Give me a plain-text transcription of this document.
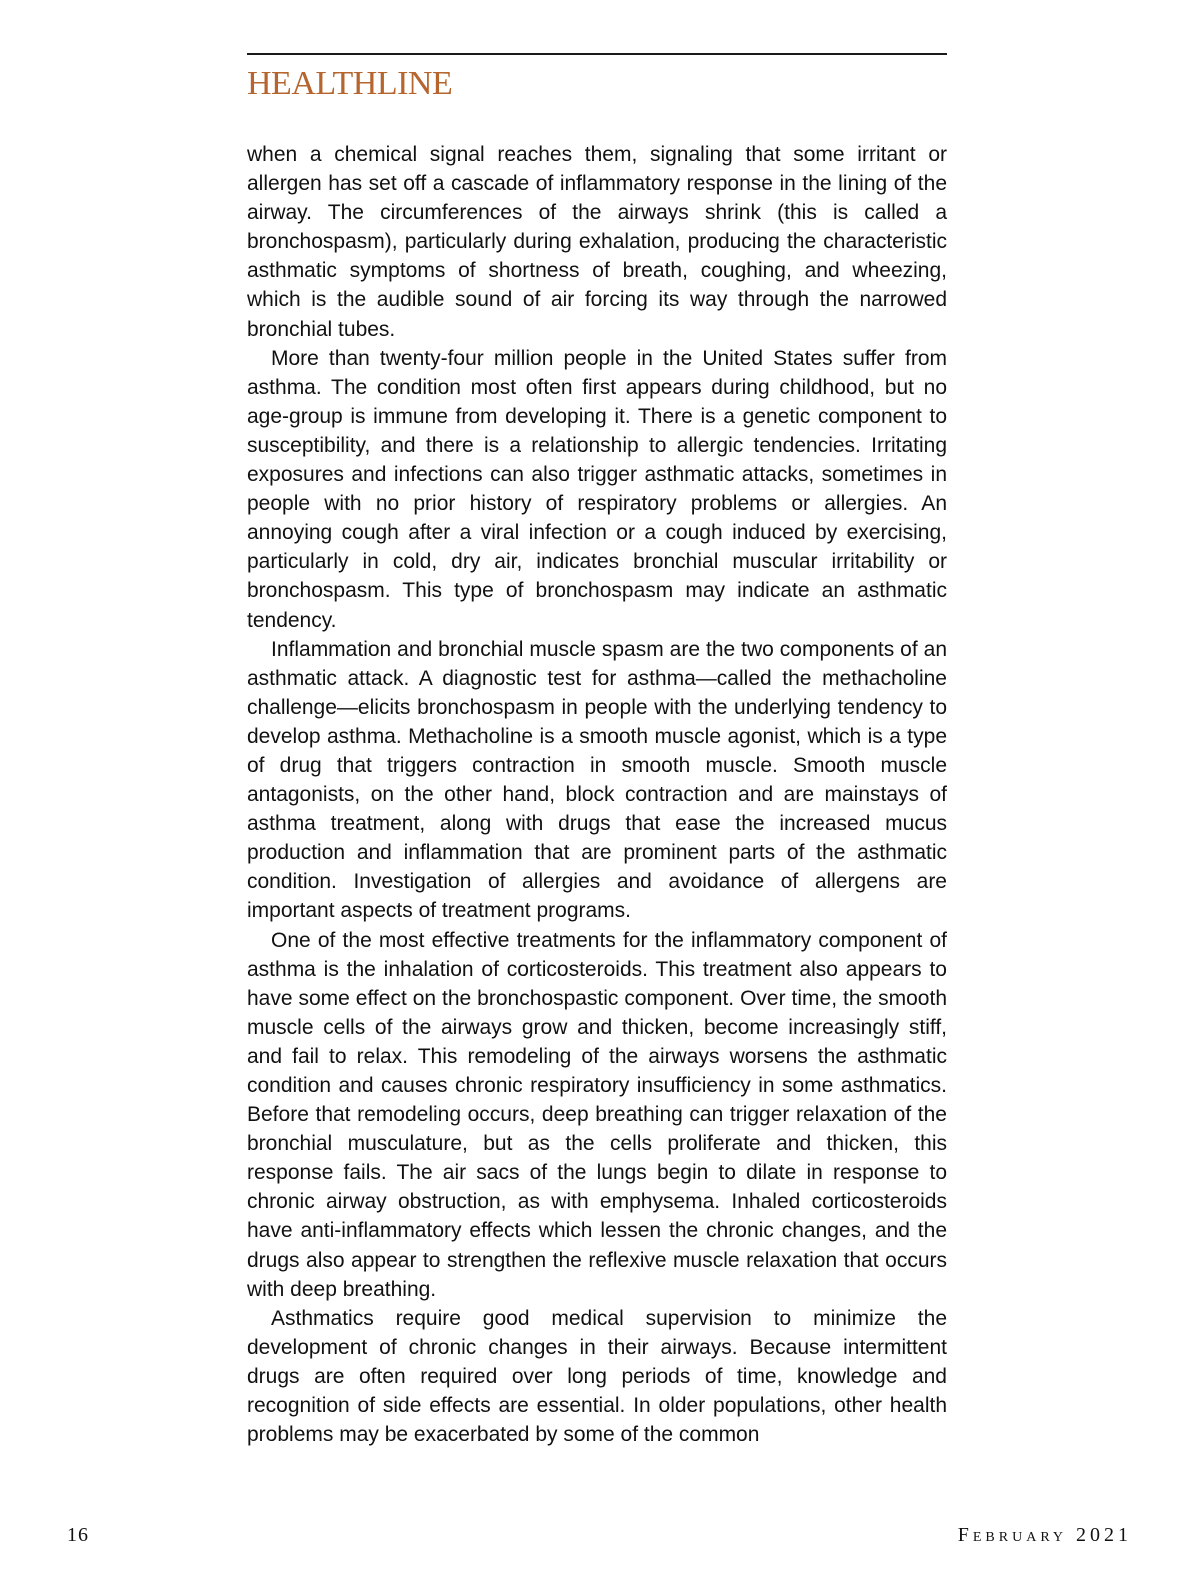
HEALTHLINE

when a chemical signal reaches them, signaling that some irritant or allergen has set off a cascade of inflammatory response in the lining of the airway. The circumferences of the airways shrink (this is called a bronchospasm), particularly during exhalation, producing the characteristic asthmatic symptoms of shortness of breath, coughing, and wheezing, which is the audible sound of air forcing its way through the narrowed bronchial tubes.

More than twenty-four million people in the United States suffer from asthma. The condition most often first appears during childhood, but no age-group is immune from developing it. There is a genetic component to susceptibility, and there is a relationship to allergic tendencies. Irritating exposures and infections can also trigger asthmatic attacks, sometimes in people with no prior history of respiratory problems or allergies. An annoying cough after a viral infection or a cough induced by exercising, particularly in cold, dry air, indicates bronchial muscular irritability or bronchospasm. This type of bronchospasm may indicate an asthmatic tendency.

Inflammation and bronchial muscle spasm are the two components of an asthmatic attack. A diagnostic test for asthma—called the methacholine challenge—elicits bronchospasm in people with the underlying tendency to develop asthma. Methacholine is a smooth muscle agonist, which is a type of drug that triggers contraction in smooth muscle. Smooth muscle antagonists, on the other hand, block contraction and are mainstays of asthma treatment, along with drugs that ease the increased mucus production and inflammation that are prominent parts of the asthmatic condition. Investigation of allergies and avoidance of allergens are important aspects of treatment programs.

One of the most effective treatments for the inflammatory component of asthma is the inhalation of corticosteroids. This treatment also appears to have some effect on the bronchospastic component. Over time, the smooth muscle cells of the airways grow and thicken, become increasingly stiff, and fail to relax. This remodeling of the airways worsens the asthmatic condition and causes chronic respiratory insufficiency in some asthmatics. Before that remodeling occurs, deep breathing can trigger relaxation of the bronchial musculature, but as the cells proliferate and thicken, this response fails. The air sacs of the lungs begin to dilate in response to chronic airway obstruction, as with emphysema. Inhaled corticosteroids have anti-inflammatory effects which lessen the chronic changes, and the drugs also appear to strengthen the reflexive muscle relaxation that occurs with deep breathing.

Asthmatics require good medical supervision to minimize the development of chronic changes in their airways. Because intermittent drugs are often required over long periods of time, knowledge and recognition of side effects are essential. In older populations, other health problems may be exacerbated by some of the common

16	February 2021
